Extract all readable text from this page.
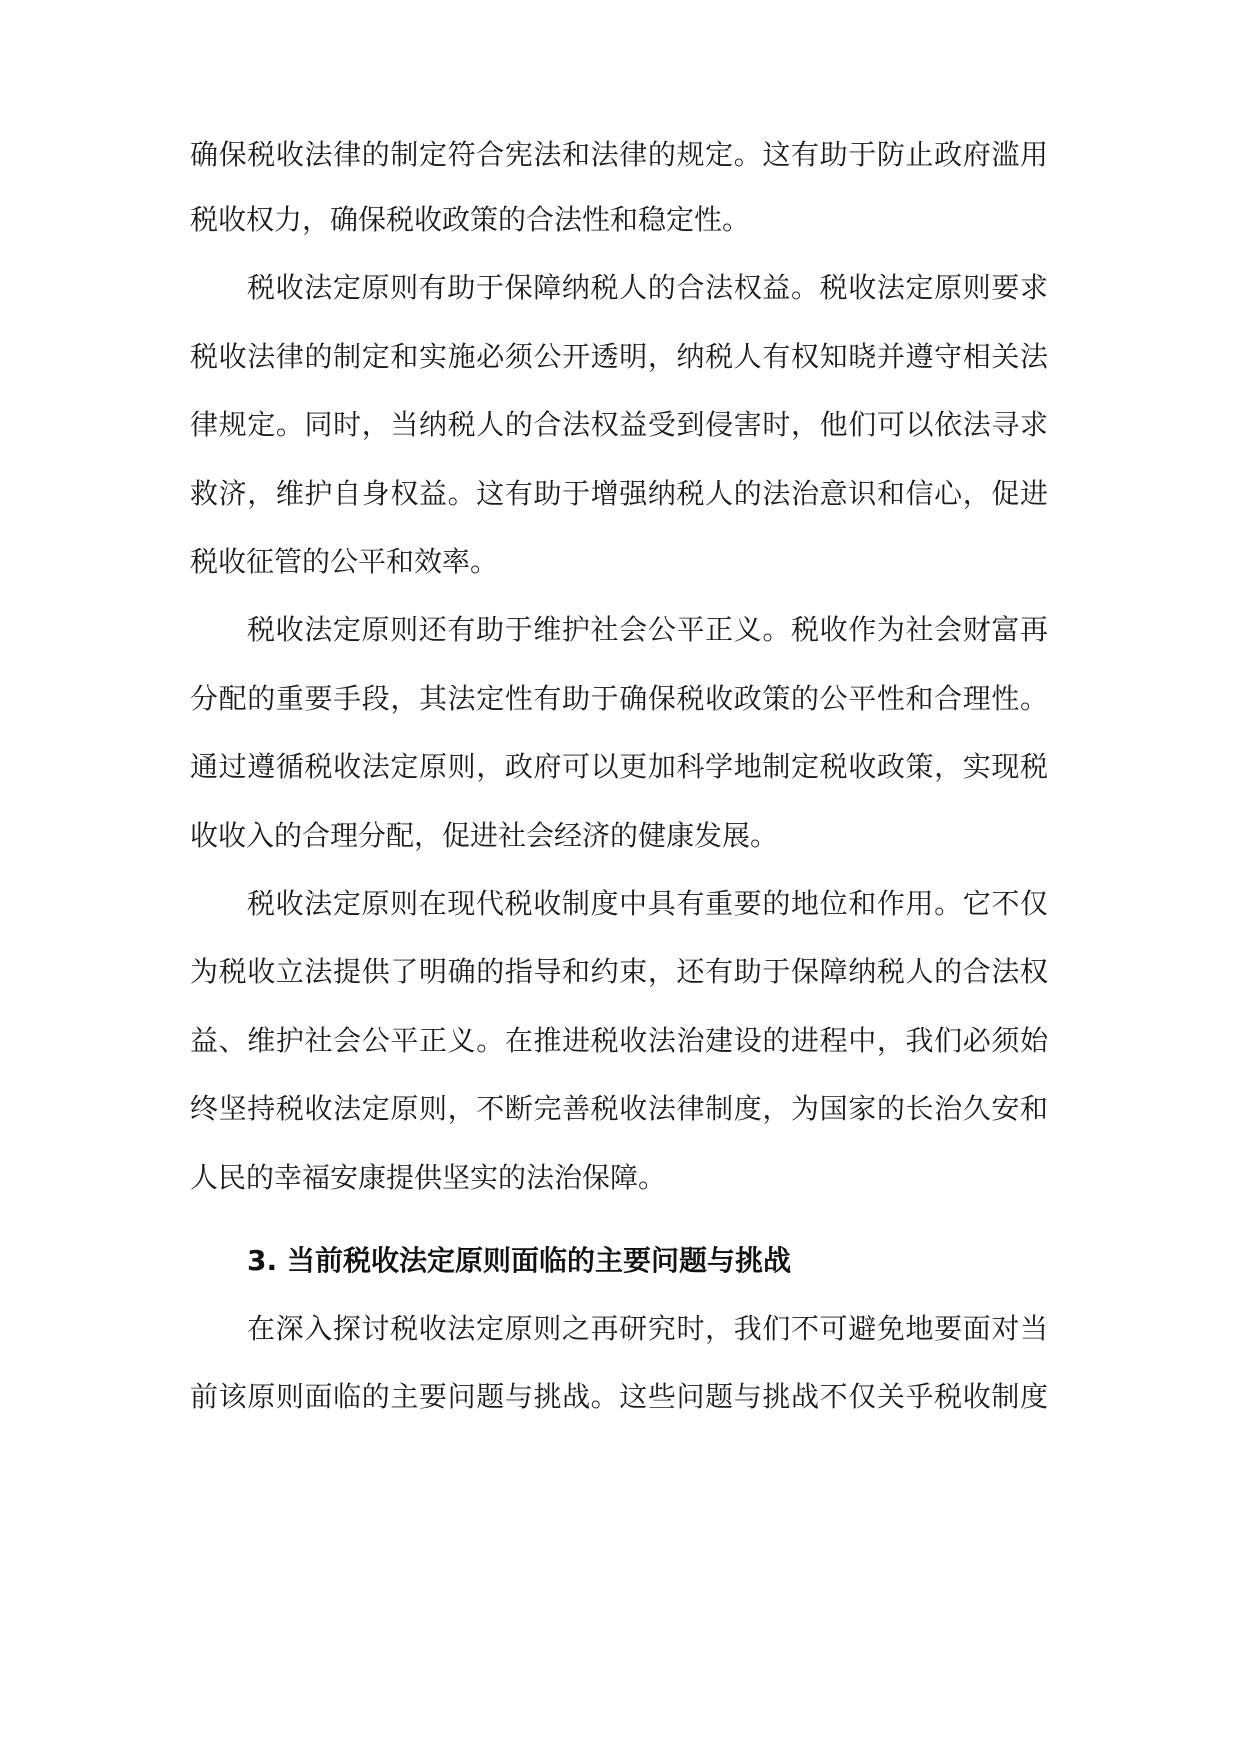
确保税收法律的制定符合宪法和法律的规定。这有助于防止政府滥用
税收权力，确保税收政策的合法性和稳定性。
税收法定原则有助于保障纳税人的合法权益。税收法定原则要求
税收法律的制定和实施必须公开透明，纳税人有权知晓并遵守相关法
律规定。同时，当纳税人的合法权益受到侵害时，他们可以依法寻求
救济，维护自身权益。这有助于增强纳税人的法治意识和信心，促进
税收征管的公平和效率。
税收法定原则还有助于维护社会公平正义。税收作为社会财富再
分配的重要手段，其法定性有助于确保税收政策的公平性和合理性。
通过遵循税收法定原则，政府可以更加科学地制定税收政策，实现税
收收入的合理分配，促进社会经济的健康发展。
税收法定原则在现代税收制度中具有重要的地位和作用。它不仅
为税收立法提供了明确的指导和约束，还有助于保障纳税人的合法权
益、维护社会公平正义。在推进税收法治建设的进程中，我们必须始
终坚持税收法定原则，不断完善税收法律制度，为国家的长治久安和
人民的幸福安康提供坚实的法治保障。
3. 当前税收法定原则面临的主要问题与挑战
在深入探讨税收法定原则之再研究时，我们不可避免地要面对当
前该原则面临的主要问题与挑战。这些问题与挑战不仅关乎税收制度
